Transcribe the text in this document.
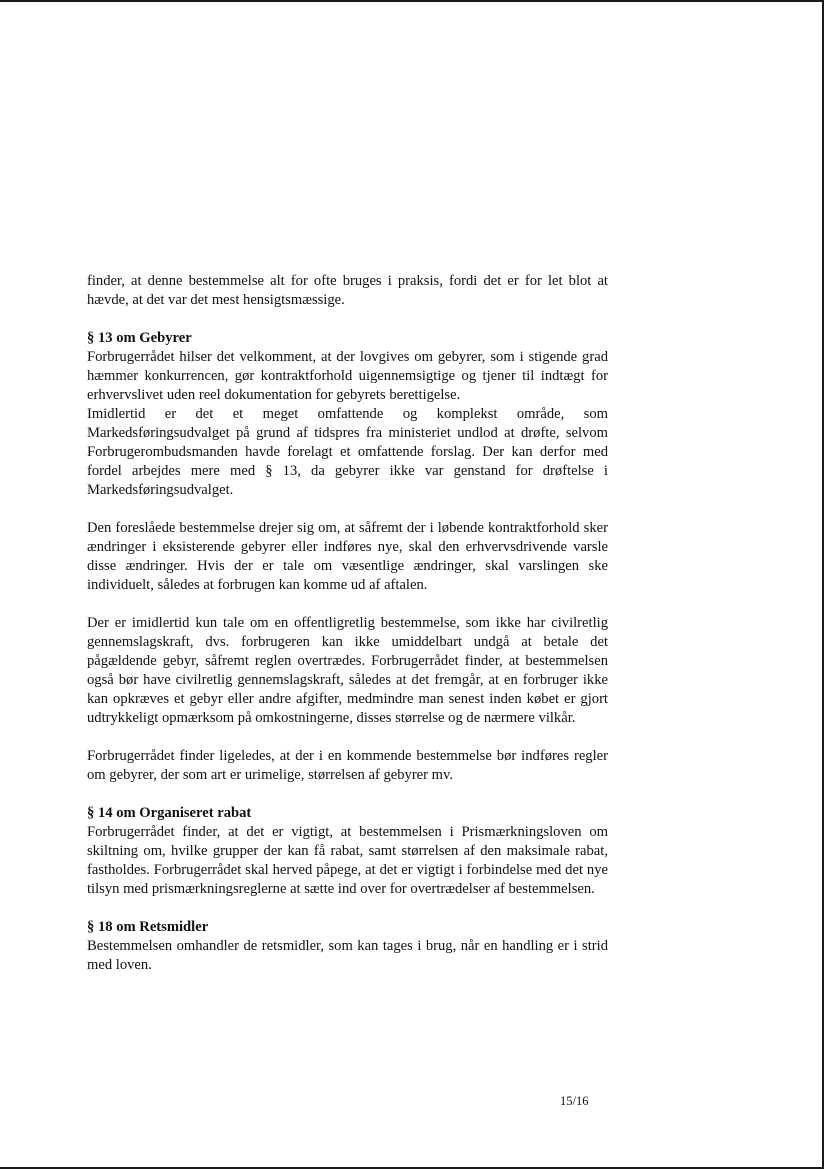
finder, at denne bestemmelse alt for ofte bruges i praksis, fordi det er for let blot at hævde, at det var det mest hensigtsmæssige.

§ 13 om Gebyrer

Forbrugerrådet hilser det velkomment, at der lovgives om gebyrer, som i stigende grad hæmmer konkurrencen, gør kontraktforhold uigennemsigtige og tjener til indtægt for erhvervslivet uden reel dokumentation for gebyrets berettigelse.

Imidlertid er det et meget omfattende og komplekst område, som Markedsføringsudvalget på grund af tidspres fra ministeriet undlod at drøfte, selvom Forbrugerombudsmanden havde forelagt et omfattende forslag. Der kan derfor med fordel arbejdes mere med § 13, da gebyrer ikke var genstand for drøftelse i Markedsføringsudvalget.

Den foreslåede bestemmelse drejer sig om, at såfremt der i løbende kontraktforhold sker ændringer i eksisterende gebyrer eller indføres nye, skal den erhvervsdrivende varsle disse ændringer. Hvis der er tale om væsentlige ændringer, skal varslingen ske individuelt, således at forbrugen kan komme ud af aftalen.

Der er imidlertid kun tale om en offentligretlig bestemmelse, som ikke har civilretlig gennemslagskraft, dvs. forbrugeren kan ikke umiddelbart undgå at betale det pågældende gebyr, såfremt reglen overtrædes. Forbrugerrådet finder, at bestemmelsen også bør have civilretlig gennemslagskraft, således at det fremgår, at en forbruger ikke kan opkræves et gebyr eller andre afgifter, medmindre man senest inden købet er gjort udtrykkeligt opmærksom på omkostningerne, disses størrelse og de nærmere vilkår.

Forbrugerrådet finder ligeledes, at der i en kommende bestemmelse bør indføres regler om gebyrer, der som art er urimelige, størrelsen af gebyrer mv.

§ 14 om Organiseret rabat

Forbrugerrådet finder, at det er vigtigt, at bestemmelsen i Prismærkningsloven om skiltning om, hvilke grupper der kan få rabat, samt størrelsen af den maksimale rabat, fastholdes. Forbrugerrådet skal herved påpege, at det er vigtigt i forbindelse med det nye tilsyn med prismærkningsreglerne at sætte ind over for overtrædelser af bestemmelsen.

§ 18 om Retsmidler

Bestemmelsen omhandler de retsmidler, som kan tages i brug, når en handling er i strid med loven.

15/16
